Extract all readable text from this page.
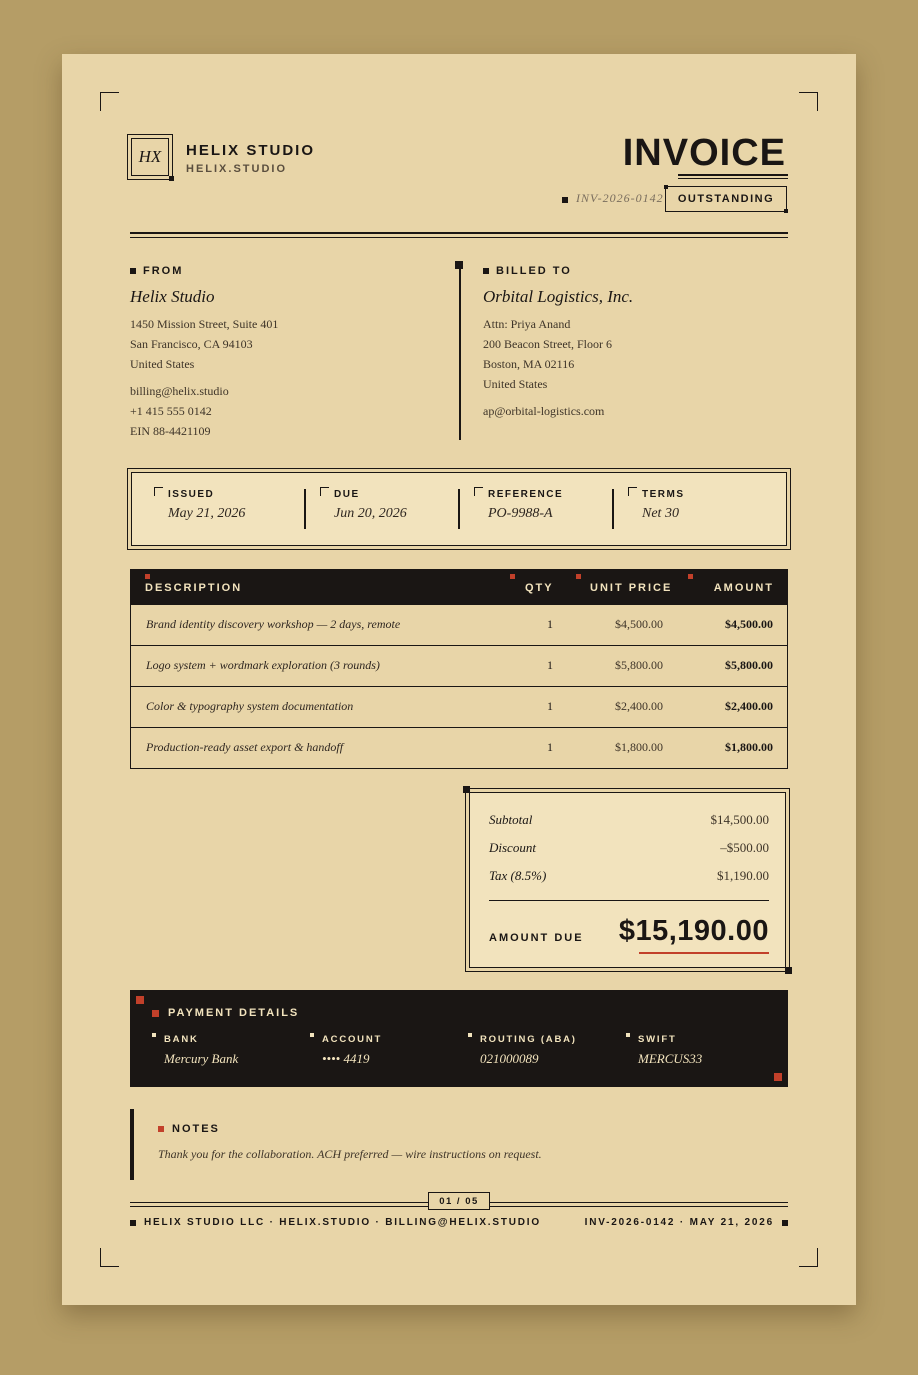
HX	HELIX STUDIO
HELIX.STUDIO	INVOICE
INV-2026-0142 OUTSTANDING
FROM
Helix Studio
1450 Mission Street, Suite 401
San Francisco, CA 94103
United States
billing@helix.studio
+1 415 555 0142
EIN 88-4421109
BILLED TO
Orbital Logistics, Inc.
Attn: Priya Anand
200 Beacon Street, Floor 6
Boston, MA 02116
United States
ap@orbital-logistics.com
ISSUED
May 21, 2026
DUE
Jun 20, 2026
REFERENCE
PO-9988-A
TERMS
Net 30
DESCRIPTION	QTY	UNIT PRICE	AMOUNT
Brand identity discovery workshop — 2 days, remote	1	$4,500.00	$4,500.00
Logo system + wordmark exploration (3 rounds)	1	$5,800.00	$5,800.00
Color & typography system documentation	1	$2,400.00	$2,400.00
Production-ready asset export & handoff	1	$1,800.00	$1,800.00
Subtotal	$14,500.00
Discount	–$500.00
Tax (8.5%)	$1,190.00
AMOUNT DUE $15,190.00
PAYMENT DETAILS
BANK
Mercury Bank
ACCOUNT
•••• 4419
ROUTING (ABA)
021000089
SWIFT
MERCUS33
NOTES
Thank you for the collaboration. ACH preferred — wire instructions on request.
01 / 05
HELIX STUDIO LLC · HELIX.STUDIO · BILLING@HELIX.STUDIO	INV-2026-0142 · MAY 21, 2026
